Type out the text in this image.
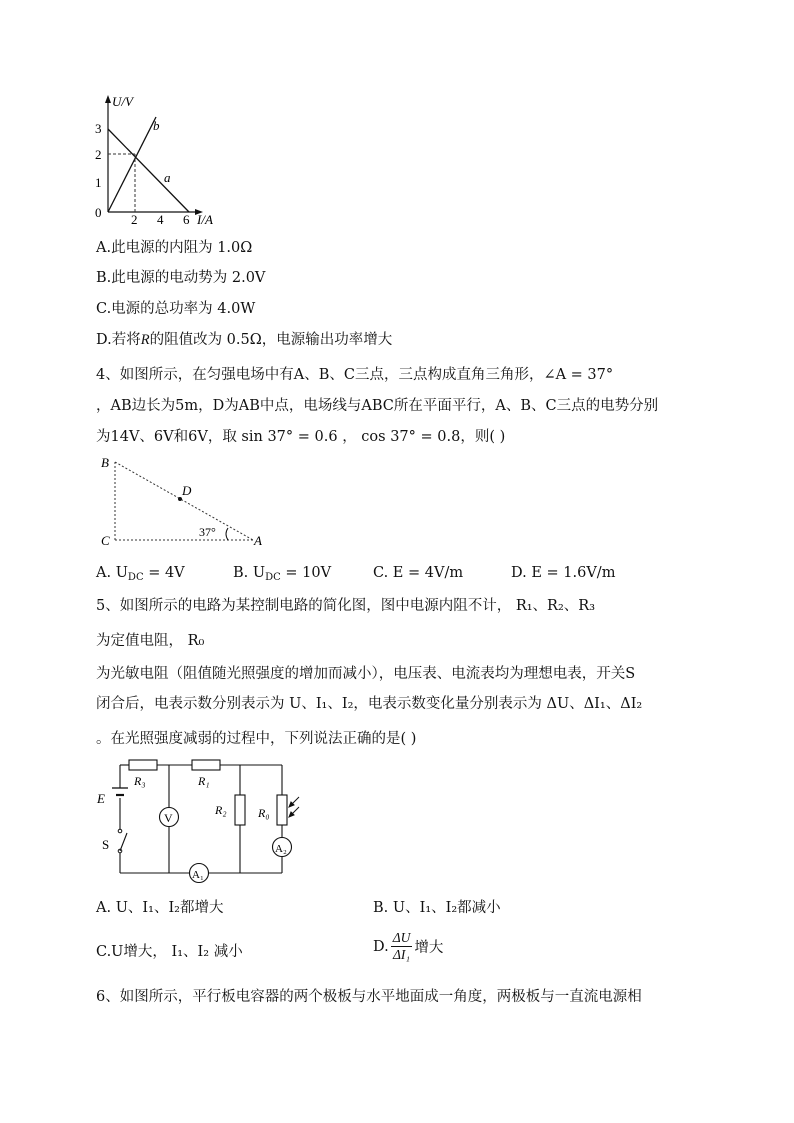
U/V
3
2
1
0 2 4 6 I/A
a
b
A.此电源的内阻为 1.0Ω
B.此电源的电动势为 2.0V
C.电源的总功率为 4.0W
D.若将R的阻值改为 0.5Ω，电源输出功率增大
4、如图所示，在匀强电场中有A、B、C三点，三点构成直角三角形，∠A = 37°
，AB边长为5m，D为AB中点，电场线与ABC所在平面平行，A、B、C三点的电势分别
为14V、6V和6V，取 sin 37° = 0.6 ， cos 37° = 0.8，则( )
B
C	A
D
37°
A. $U_{DC} = 4V$	B. $U_{DC} = 10V$	C. E = 4V/m	D. E = 1.6V/m
5、如图所示的电路为某控制电路的简化图，图中电源内阻不计， R₁、R₂、R₃
为定值电阻， R₀
为光敏电阻（阻值随光照强度的增加而减小），电压表、电流表均为理想电表，开关S
闭合后，电表示数分别表示为 U、I₁、I₂，电表示数变化量分别表示为 ΔU、ΔI₁、ΔI₂
。在光照强度减弱的过程中，下列说法正确的是( )
E
S
R₃	R₁
R₂	R₀
V
A₁
A₂
A. U、I₁、I₂都增大	B. U、I₁、I₂都减小
C.U增大， I₁、I₂ 减小	D. $\frac{\Delta U}{\text{ΔI₁}}$ 增大
6、如图所示，平行板电容器的两个极板与水平地面成一角度，两极板与一直流电源相
